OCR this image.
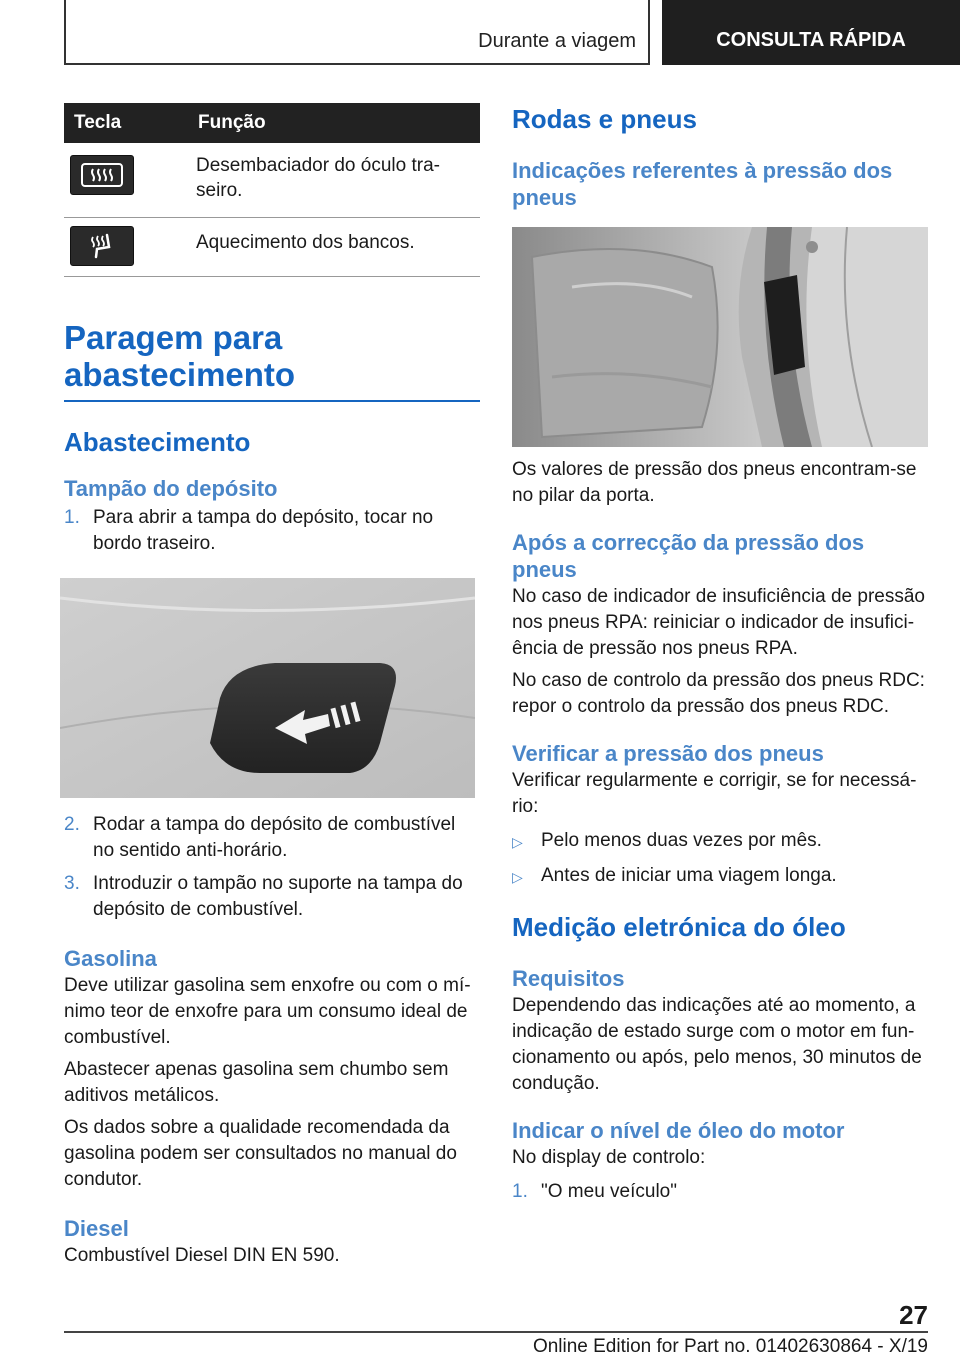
Durante a viagem	CONSULTA RÁPIDA
Tecla	Função

	Desembaciador do óculo tra-seiro.

	Aquecimento dos bancos.
Paragem para abastecimento
Abastecimento
Tampão do depósito
1. Para abrir a tampa do depósito, tocar no bordo traseiro.
2. Rodar a tampa do depósito de combustível no sentido anti-horário.
3. Introduzir o tampão no suporte na tampa do depósito de combustível.
Gasolina

Deve utilizar gasolina sem enxofre ou com o mí-nimo teor de enxofre para um consumo ideal de combustível.

Abastecer apenas gasolina sem chumbo sem aditivos metálicos.

Os dados sobre a qualidade recomendada da gasolina podem ser consultados no manual do condutor.

Diesel

Combustível Diesel DIN EN 590.

Rodas e pneus
Indicações referentes à pressão dos pneus

Os valores de pressão dos pneus encontram-se no pilar da porta.

Após a correcção da pressão dos pneus

No caso de indicador de insuficiência de pressão nos pneus RPA: reiniciar o indicador de insufici-ência de pressão nos pneus RPA.

No caso de controlo da pressão dos pneus RDC: repor o controlo da pressão dos pneus RDC.

Verificar a pressão dos pneus

Verificar regularmente e corrigir, se for necessá-rio:

▷ Pelo menos duas vezes por mês.
▷ Antes de iniciar uma viagem longa.
Medição eletrónica do óleo
Requisitos

Dependendo das indicações até ao momento, a indicação de estado surge com o motor em fun-cionamento ou após, pelo menos, 30 minutos de condução.

Indicar o nível de óleo do motor

No display de controlo:

1. "O meu veículo"
27
Online Edition for Part no. 01402630864 - X/19
